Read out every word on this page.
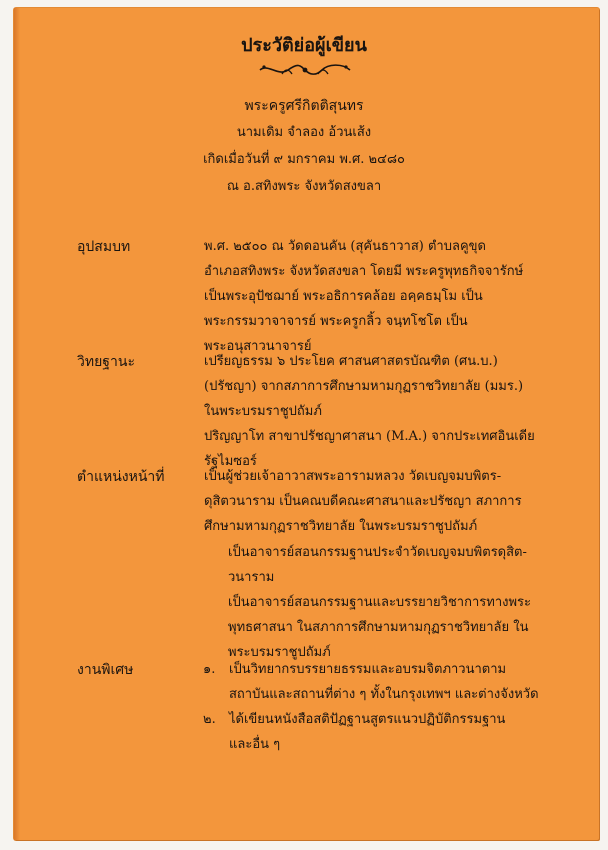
ประวัติย่อผู้เขียน
พระครูศรีกิตติสุนทร
นามเดิม จำลอง อ้วนเส้ง
เกิดเมื่อวันที่ ๙ มกราคม พ.ศ. ๒๔๘๐
ณ อ.สทิงพระ จังหวัดสงขลา
อุปสมบท	พ.ศ. ๒๕๐๐ ณ วัดดอนคัน (สุคันธาวาส) ตำบลคูขุด
อำเภอสทิงพระ จังหวัดสงขลา โดยมี พระครูพุทธกิจจารักษ์
เป็นพระอุปัชฌาย์ พระอธิการคล้อย อคฺคธมฺโม เป็น
พระกรรมวาจาจารย์ พระครูกลิ้ว จนฺทโชโต เป็น
พระอนุสาวนาจารย์
วิทยฐานะ	เปรียญธรรม ๖ ประโยค ศาสนศาสตรบัณฑิต (ศน.บ.)
(ปรัชญา) จากสภาการศึกษามหามกุฏราชวิทยาลัย (มมร.)
ในพระบรมราชูปถัมภ์
ปริญญาโท สาขาปรัชญาศาสนา (M.A.) จากประเทศอินเดีย
รัฐไมซอร์
ตำแหน่งหน้าที่	เป็นผู้ช่วยเจ้าอาวาสพระอารามหลวง วัดเบญจมบพิตร-
ดุสิตวนาราม เป็นคณบดีคณะศาสนาและปรัชญา สภาการ
ศึกษามหามกุฏราชวิทยาลัย ในพระบรมราชูปถัมภ์
เป็นอาจารย์สอนกรรมฐานประจำวัดเบญจมบพิตรดุสิต-
วนาราม
เป็นอาจารย์สอนกรรมฐานและบรรยายวิชาการทางพระ
พุทธศาสนา ในสภาการศึกษามหามกุฏราชวิทยาลัย ใน
พระบรมราชูปถัมภ์
งานพิเศษ	๑. เป็นวิทยากรบรรยายธรรมและอบรมจิตภาวนาตาม
สถาบันและสถานที่ต่าง ๆ ทั้งในกรุงเทพฯ และต่างจังหวัด
๒. ได้เขียนหนังสือสติปัฏฐานสูตรแนวปฏิบัติกรรมฐาน
และอื่น ๆ
